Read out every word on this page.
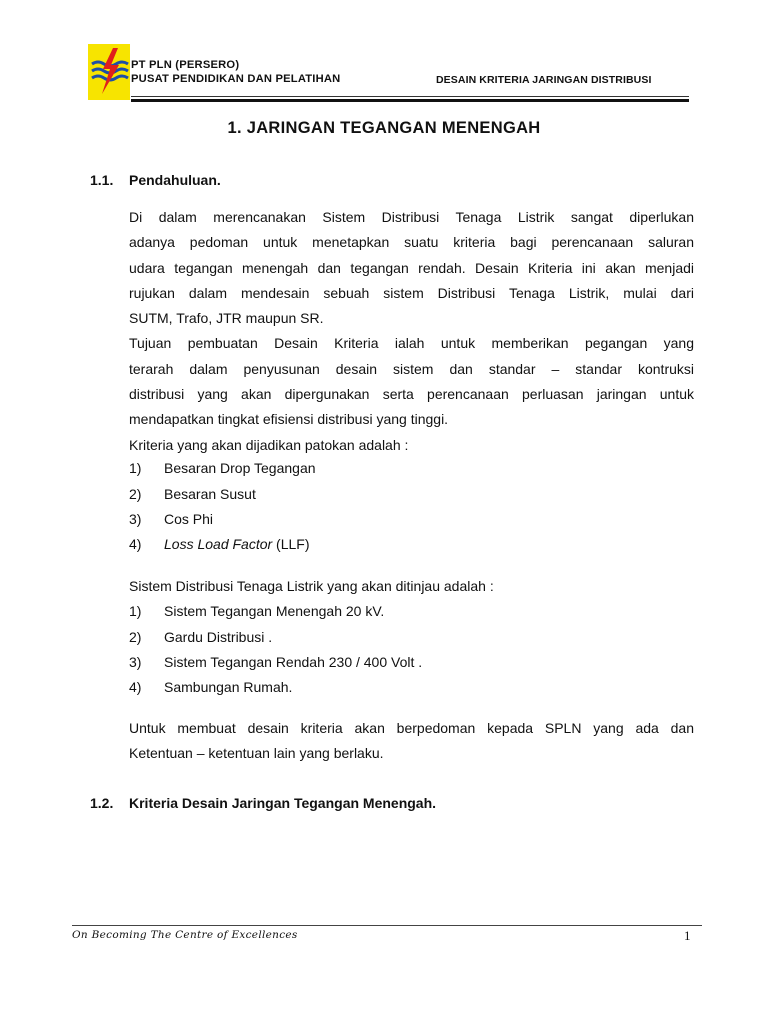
PT PLN (PERSERO)
PUSAT PENDIDIKAN DAN PELATIHAN	DESAIN KRITERIA JARINGAN DISTRIBUSI
1. JARINGAN TEGANGAN MENENGAH
1.1. Pendahuluan.
Di dalam merencanakan Sistem Distribusi Tenaga Listrik sangat diperlukan
adanya pedoman untuk menetapkan suatu kriteria bagi perencanaan saluran
udara tegangan menengah dan tegangan rendah. Desain Kriteria ini akan menjadi
rujukan dalam mendesain sebuah sistem Distribusi Tenaga Listrik, mulai dari
SUTM, Trafo, JTR maupun SR.
Tujuan pembuatan Desain Kriteria ialah untuk memberikan pegangan yang
terarah dalam penyusunan desain sistem dan standar – standar kontruksi
distribusi yang akan dipergunakan serta perencanaan perluasan jaringan untuk
mendapatkan tingkat efisiensi distribusi yang tinggi.
Kriteria yang akan dijadikan patokan adalah :
1) Besaran Drop Tegangan
2) Besaran Susut
3) Cos Phi
4) Loss Load Factor (LLF)
Sistem Distribusi Tenaga Listrik yang akan ditinjau adalah :
1) Sistem Tegangan Menengah 20 kV.
2) Gardu Distribusi .
3) Sistem Tegangan Rendah 230 / 400 Volt .
4) Sambungan Rumah.
Untuk membuat desain kriteria akan berpedoman kepada SPLN yang ada dan
Ketentuan – ketentuan lain yang berlaku.
1.2. Kriteria Desain Jaringan Tegangan Menengah.
On Becoming The Centre of Excellences	1
